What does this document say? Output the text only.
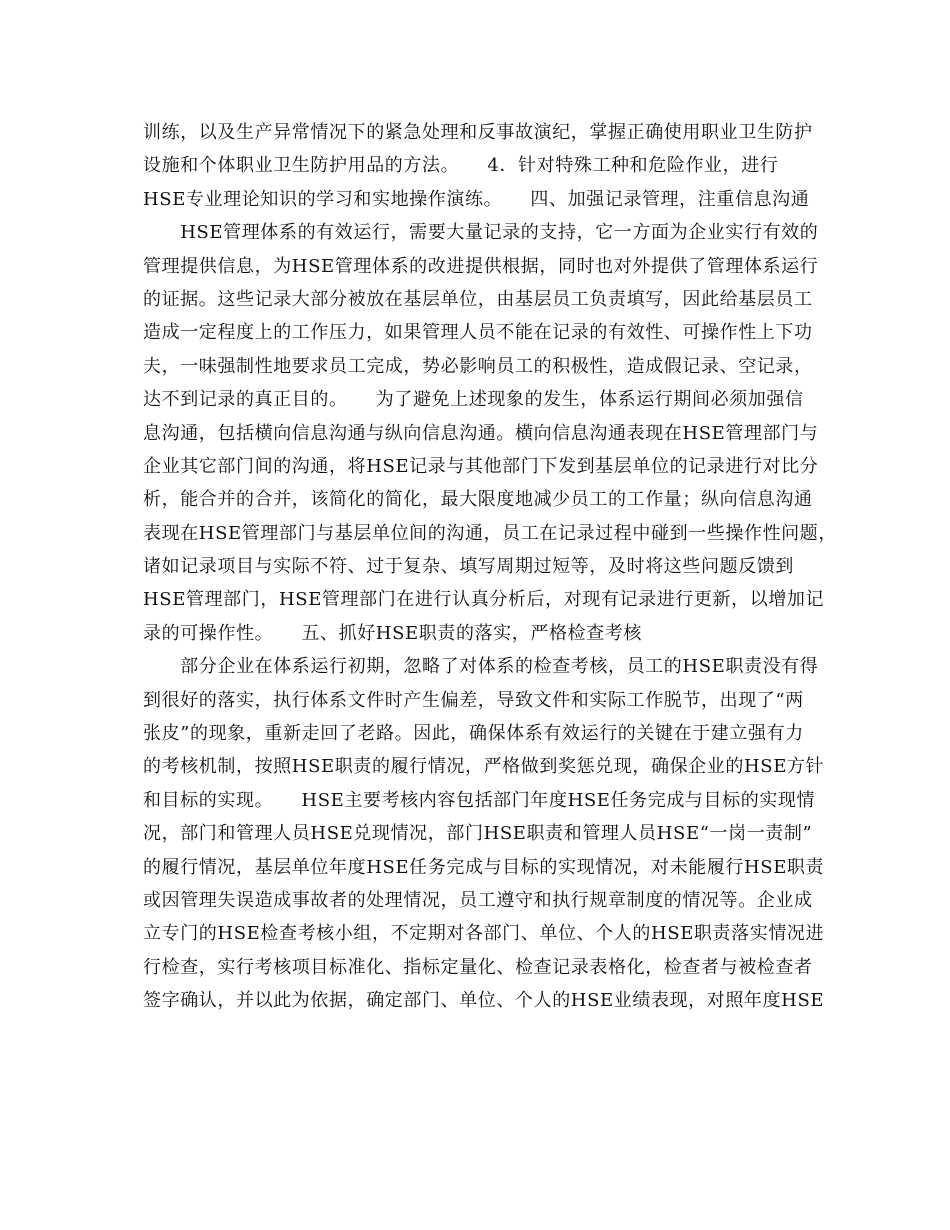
训练，以及生产异常情况下的紧急处理和反事故演纪，掌握正确使用职业卫生防护
设施和个体职业卫生防护用品的方法。　　4．针对特殊工种和危险作业，进行
HSE专业理论知识的学习和实地操作演练。　　四、加强记录管理，注重信息沟通
　　HSE管理体系的有效运行，需要大量记录的支持，它一方面为企业实行有效的
管理提供信息，为HSE管理体系的改进提供根据，同时也对外提供了管理体系运行
的证据。这些记录大部分被放在基层单位，由基层员工负责填写，因此给基层员工
造成一定程度上的工作压力，如果管理人员不能在记录的有效性、可操作性上下功
夫，一味强制性地要求员工完成，势必影响员工的积极性，造成假记录、空记录，
达不到记录的真正目的。　　为了避免上述现象的发生，体系运行期间必须加强信
息沟通，包括横向信息沟通与纵向信息沟通。横向信息沟通表现在HSE管理部门与
企业其它部门间的沟通，将HSE记录与其他部门下发到基层单位的记录进行对比分
析，能合并的合并，该简化的简化，最大限度地减少员工的工作量；纵向信息沟通
表现在HSE管理部门与基层单位间的沟通，员工在记录过程中碰到一些操作性问题，
诸如记录项目与实际不符、过于复杂、填写周期过短等，及时将这些问题反馈到
HSE管理部门，HSE管理部门在进行认真分析后，对现有记录进行更新，以增加记
录的可操作性。　　五、抓好HSE职责的落实，严格检查考核
　　部分企业在体系运行初期，忽略了对体系的检查考核，员工的HSE职责没有得
到很好的落实，执行体系文件时产生偏差，导致文件和实际工作脱节，出现了“两
张皮”的现象，重新走回了老路。因此，确保体系有效运行的关键在于建立强有力
的考核机制，按照HSE职责的履行情况，严格做到奖惩兑现，确保企业的HSE方针
和目标的实现。　　HSE主要考核内容包括部门年度HSE任务完成与目标的实现情
况，部门和管理人员HSE兑现情况，部门HSE职责和管理人员HSE“一岗一责制”
的履行情况，基层单位年度HSE任务完成与目标的实现情况，对未能履行HSE职责
或因管理失误造成事故者的处理情况，员工遵守和执行规章制度的情况等。企业成
立专门的HSE检查考核小组，不定期对各部门、单位、个人的HSE职责落实情况进
行检查，实行考核项目标准化、指标定量化、检查记录表格化，检查者与被检查者
签字确认，并以此为依据，确定部门、单位、个人的HSE业绩表现，对照年度HSE
